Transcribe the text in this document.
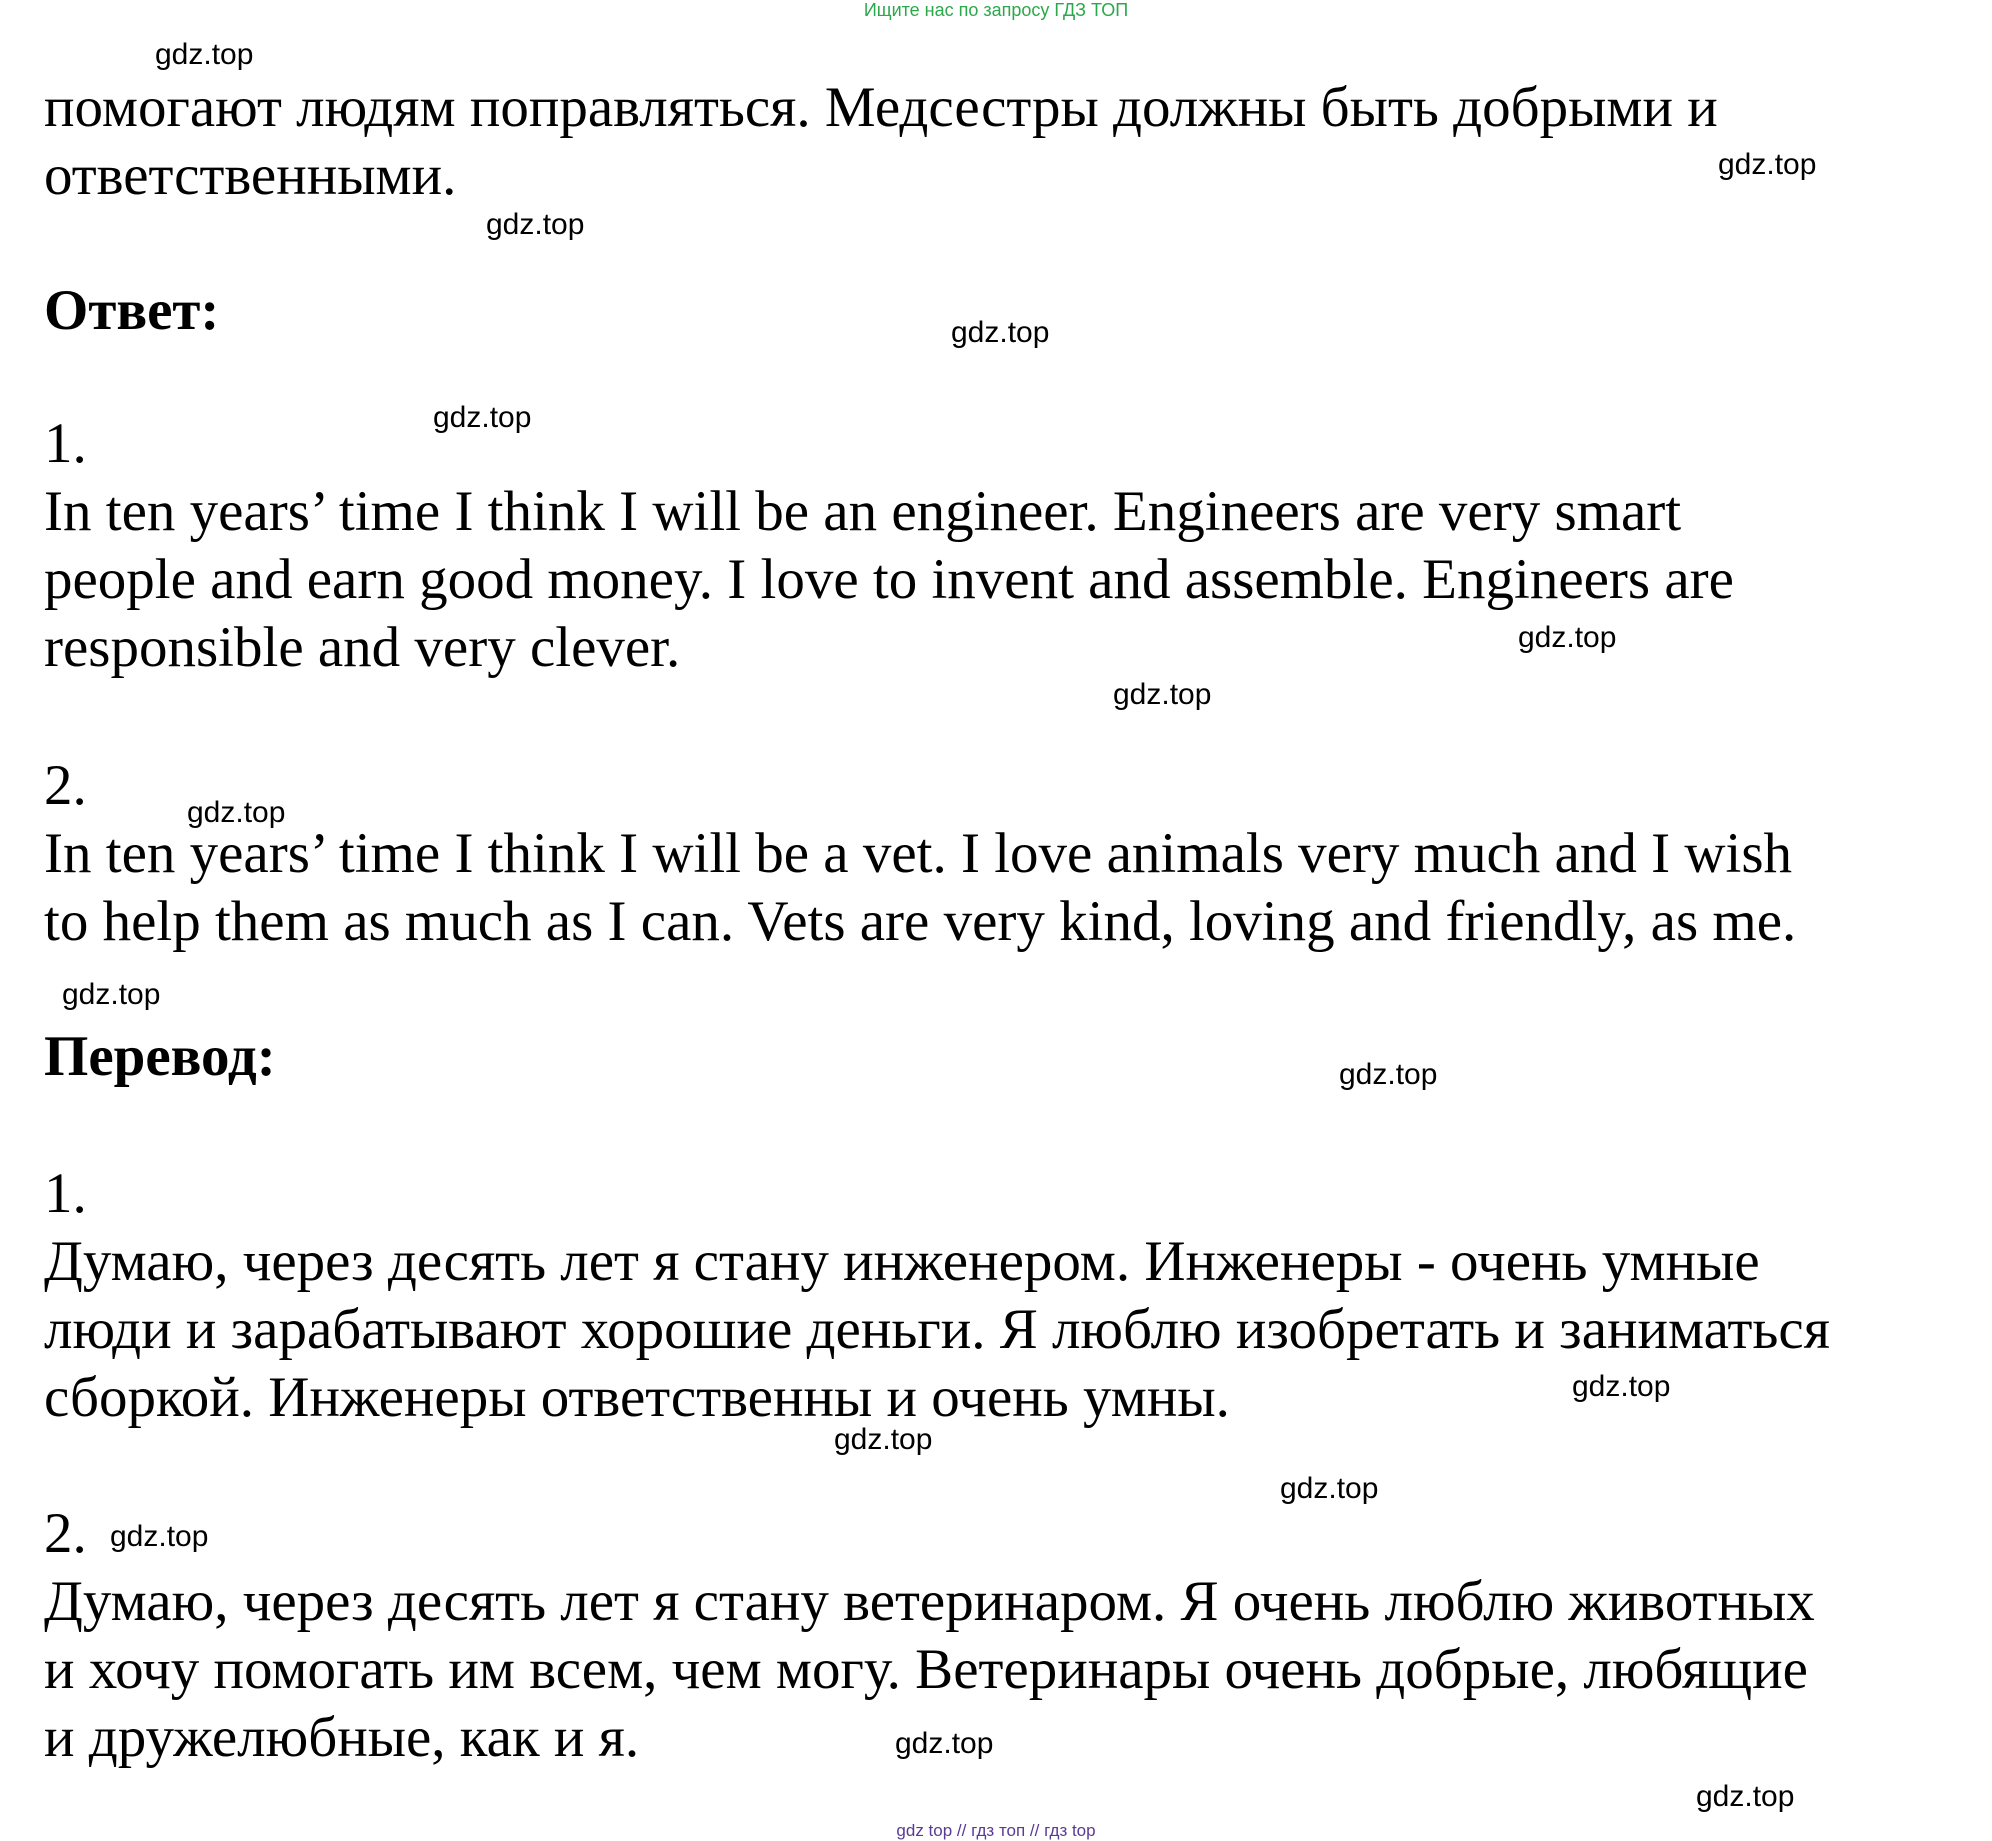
Ищите нас по запросу ГДЗ ТОП
помогают людям поправляться. Медсестры должны быть добрыми и
ответственными.
Ответ:
1.
In ten years’ time I think I will be an engineer. Engineers are very smart
people and earn good money. I love to invent and assemble. Engineers are
responsible and very clever.
2.
In ten years’ time I think I will be a vet. I love animals very much and I wish
to help them as much as I can. Vets are very kind, loving and friendly, as me.
Перевод:
1.
Думаю, через десять лет я стану инженером. Инженеры - очень умные
люди и зарабатывают хорошие деньги. Я люблю изобретать и заниматься
сборкой. Инженеры ответственны и очень умны.
2.
Думаю, через десять лет я стану ветеринаром. Я очень люблю животных
и хочу помогать им всем, чем могу. Ветеринары очень добрые, любящие
и дружелюбные, как и я.
gdz.top
gdz.top
gdz.top
gdz.top
gdz.top
gdz.top
gdz.top
gdz.top
gdz.top
gdz.top
gdz.top
gdz.top
gdz.top
gdz.top
gdz.top
gdz.top
gdz top // гдз топ // гдз top
